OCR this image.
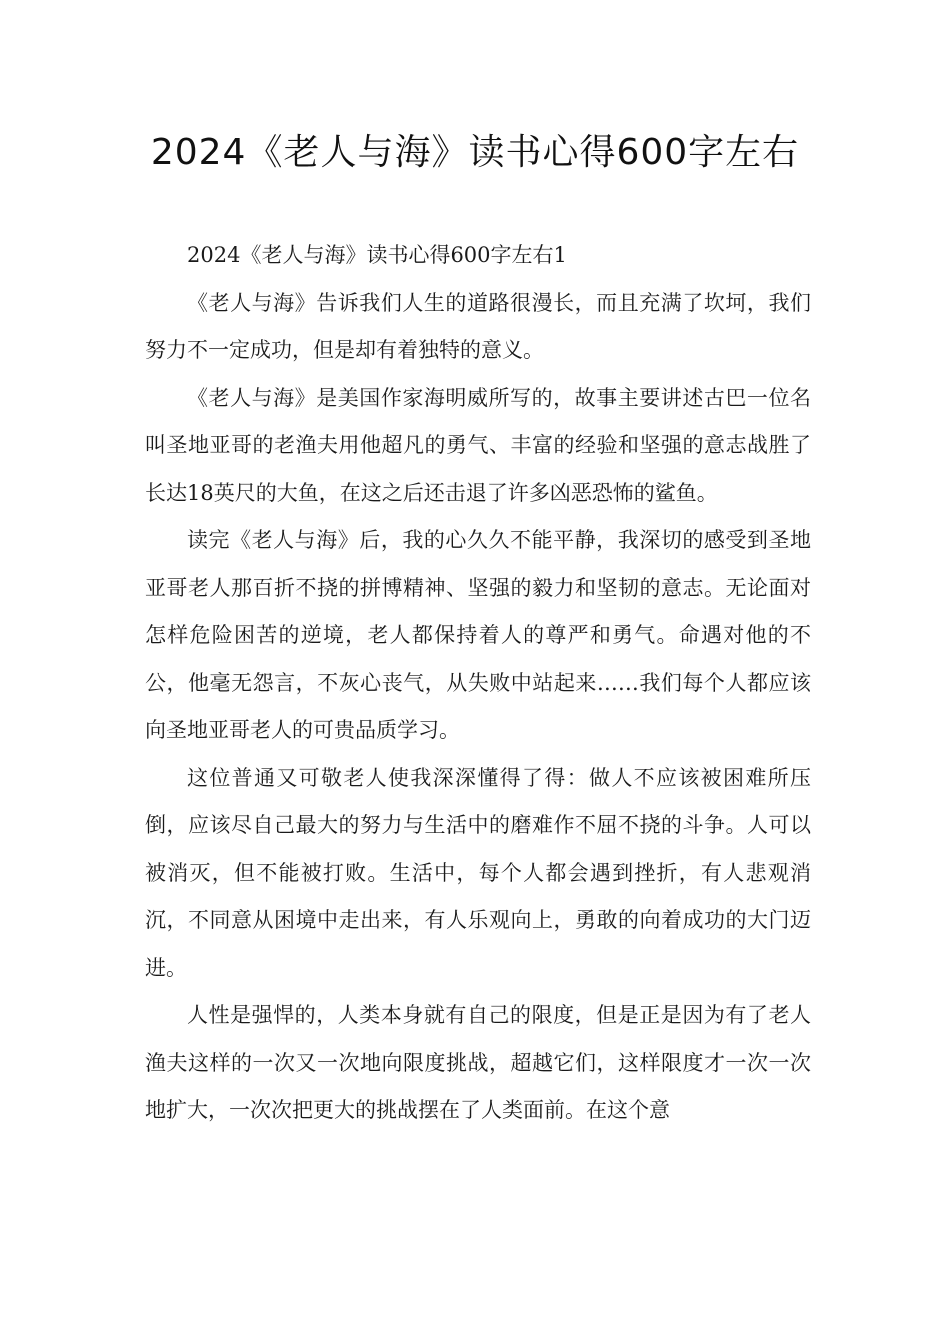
2024《老人与海》读书心得600字左右

2024《老人与海》读书心得600字左右1

《老人与海》告诉我们人生的道路很漫长，而且充满了坎坷，我们努力不一定成功，但是却有着独特的意义。

《老人与海》是美国作家海明威所写的，故事主要讲述古巴一位名叫圣地亚哥的老渔夫用他超凡的勇气、丰富的经验和坚强的意志战胜了长达18英尺的大鱼，在这之后还击退了许多凶恶恐怖的鲨鱼。

读完《老人与海》后，我的心久久不能平静，我深切的感受到圣地亚哥老人那百折不挠的拼博精神、坚强的毅力和坚韧的意志。无论面对怎样危险困苦的逆境，老人都保持着人的尊严和勇气。命遇对他的不公，他毫无怨言，不灰心丧气，从失败中站起来……我们每个人都应该向圣地亚哥老人的可贵品质学习。

这位普通又可敬老人使我深深懂得了得：做人不应该被困难所压倒，应该尽自己最大的努力与生活中的磨难作不屈不挠的斗争。人可以被消灭，但不能被打败。生活中，每个人都会遇到挫折，有人悲观消沉，不同意从困境中走出来，有人乐观向上，勇敢的向着成功的大门迈进。

人性是强悍的，人类本身就有自己的限度，但是正是因为有了老人渔夫这样的一次又一次地向限度挑战，超越它们，这样限度才一次一次地扩大，一次次把更大的挑战摆在了人类面前。在这个意
